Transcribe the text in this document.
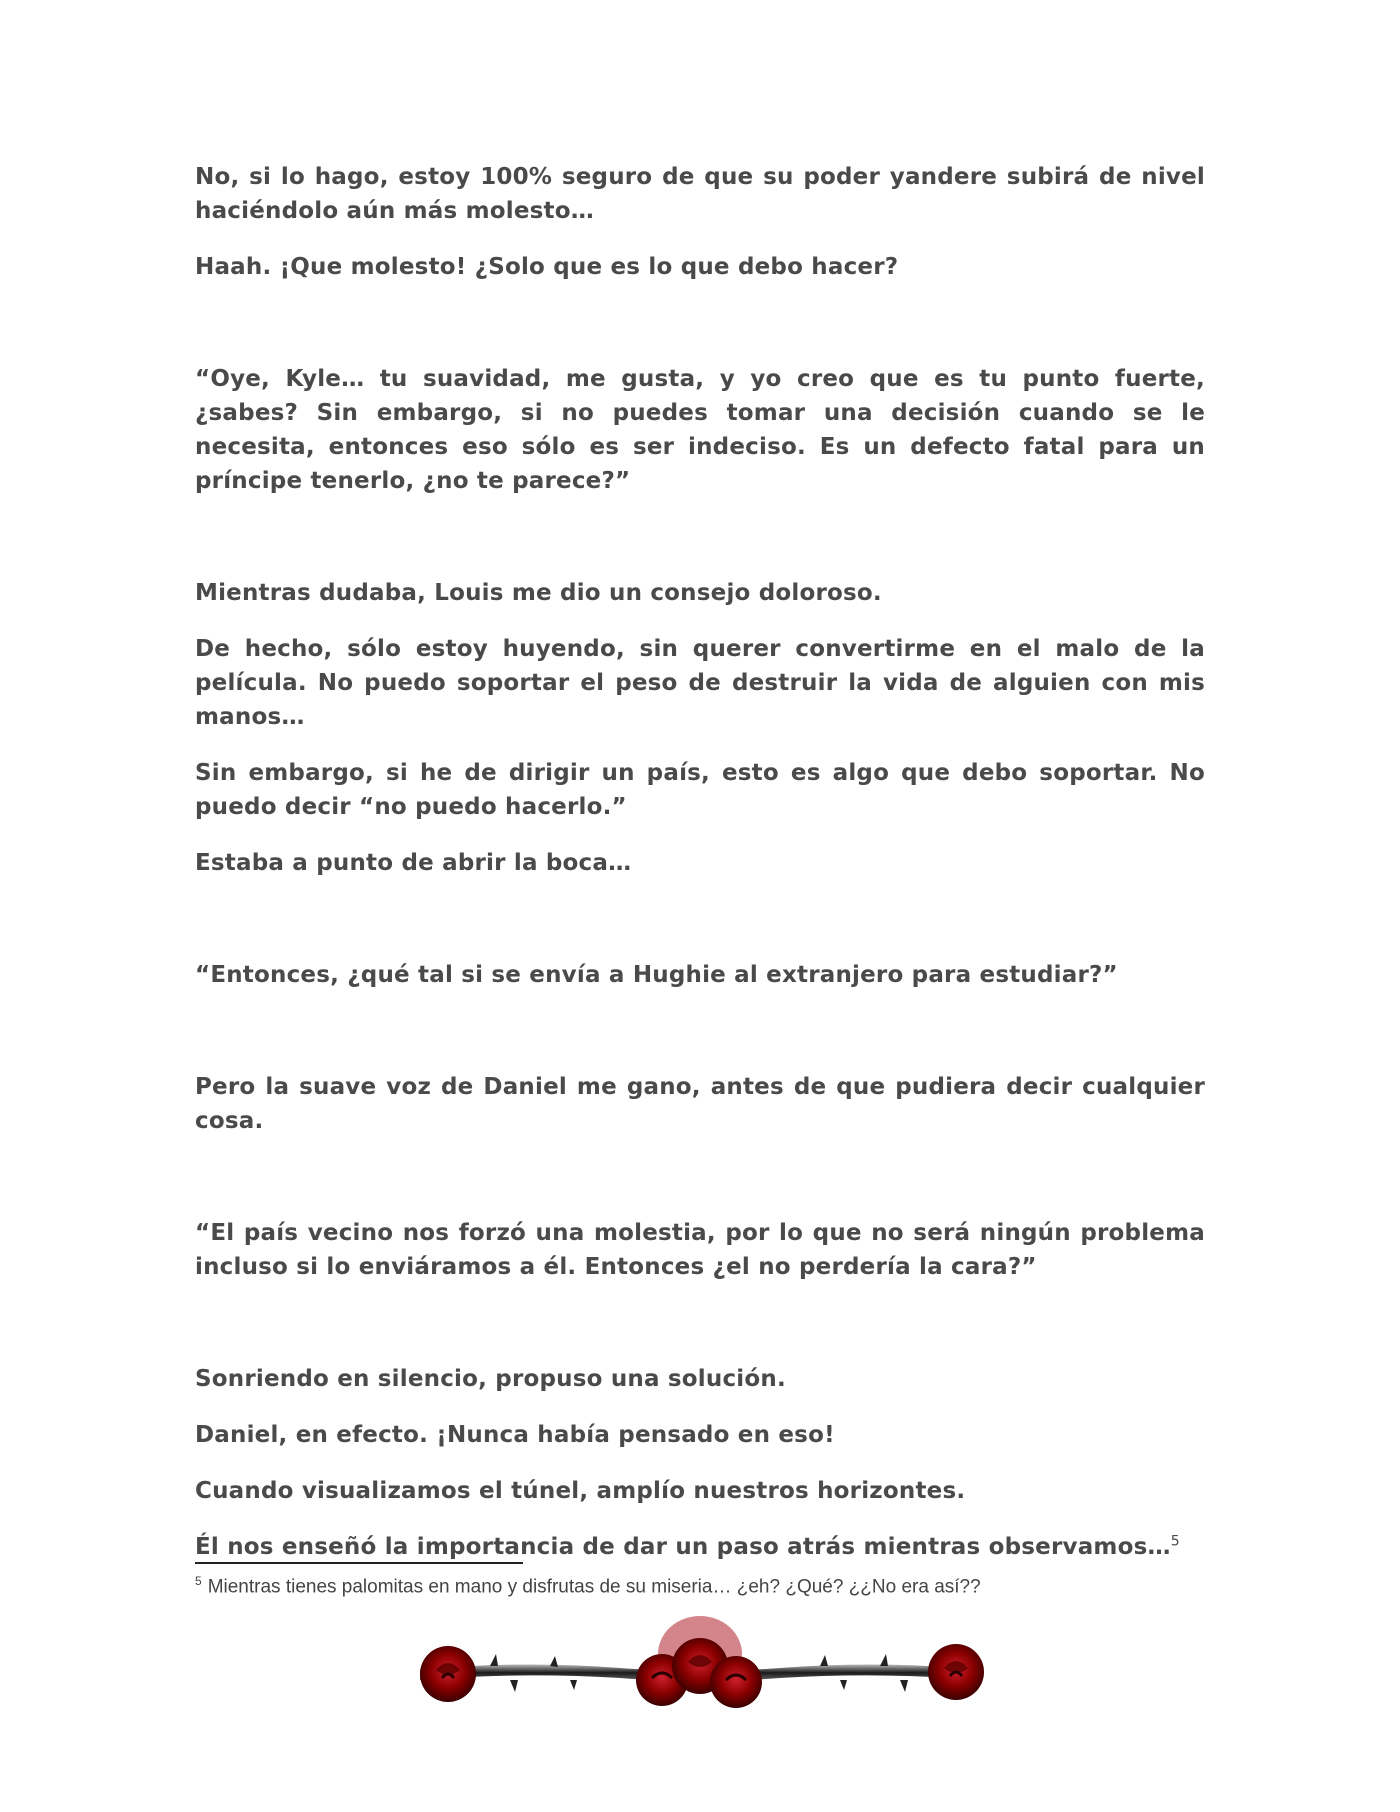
No, si lo hago, estoy 100% seguro de que su poder yandere subirá de nivel haciéndolo aún más molesto…

Haah. ¡Que molesto! ¿Solo que es lo que debo hacer?

“Oye, Kyle… tu suavidad, me gusta, y yo creo que es tu punto fuerte, ¿sabes? Sin embargo, si no puedes tomar una decisión cuando se le necesita, entonces eso sólo es ser indeciso. Es un defecto fatal para un príncipe tenerlo, ¿no te parece?”

Mientras dudaba, Louis me dio un consejo doloroso.

De hecho, sólo estoy huyendo, sin querer convertirme en el malo de la película. No puedo soportar el peso de destruir la vida de alguien con mis manos…

Sin embargo, si he de dirigir un país, esto es algo que debo soportar. No puedo decir “no puedo hacerlo.”

Estaba a punto de abrir la boca…

“Entonces, ¿qué tal si se envía a Hughie al extranjero para estudiar?”

Pero la suave voz de Daniel me gano, antes de que pudiera decir cualquier cosa.

“El país vecino nos forzó una molestia, por lo que no será ningún problema incluso si lo enviáramos a él. Entonces ¿el no perdería la cara?”

Sonriendo en silencio, propuso una solución.

Daniel, en efecto. ¡Nunca había pensado en eso!

Cuando visualizamos el túnel, amplío nuestros horizontes.

Él nos enseñó la importancia de dar un paso atrás mientras observamos…$^5$

$^5$ Mientras tienes palomitas en mano y disfrutas de su miseria… ¿eh? ¿Qué? ¿¿No era así??
